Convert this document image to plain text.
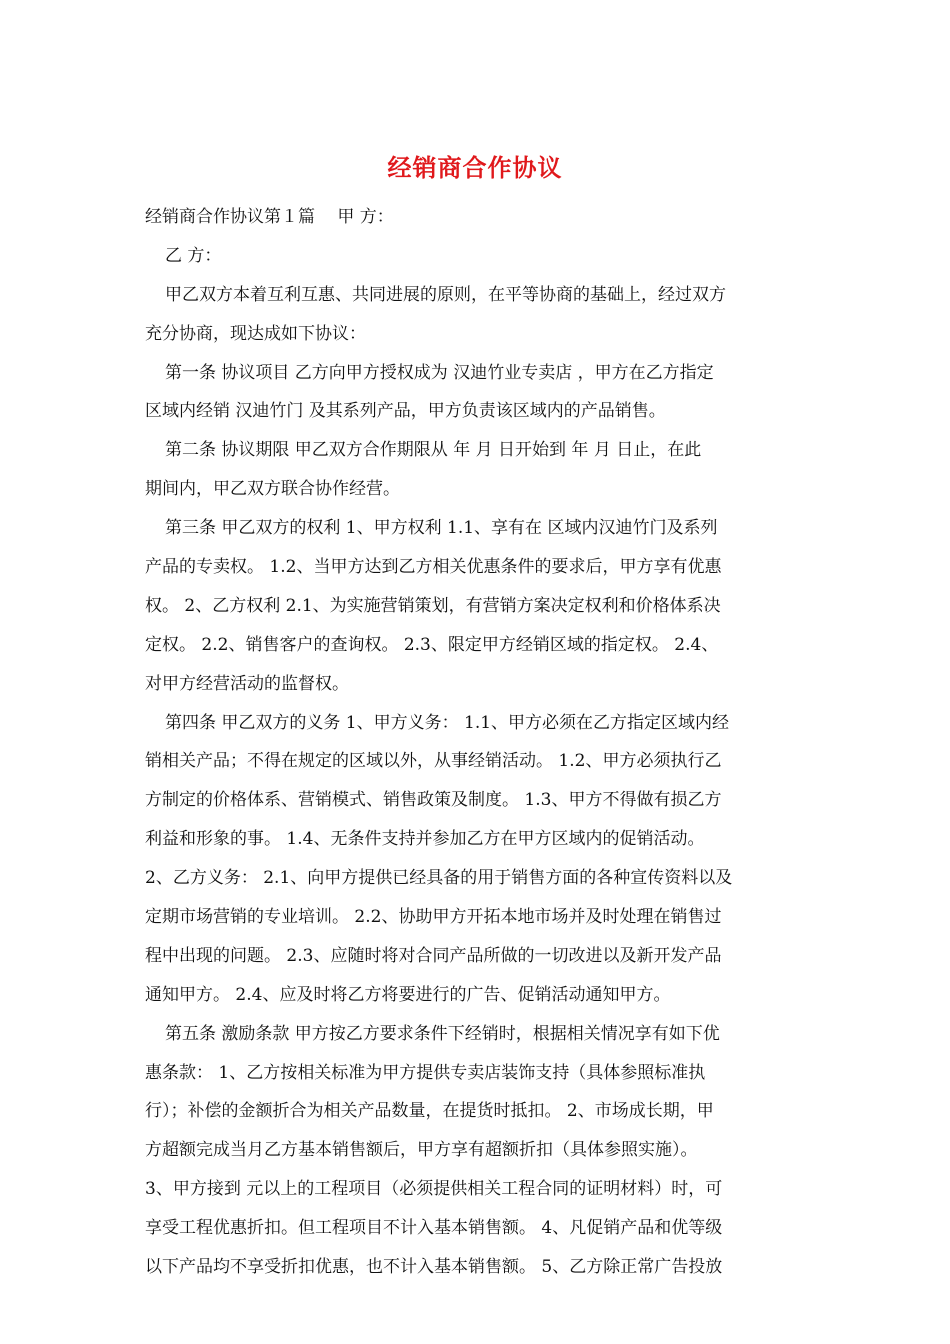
经销商合作协议
经销商合作协议第１篇　 甲 方：
乙 方：
甲乙双方本着互利互惠、共同进展的原则，在平等协商的基础上，经过双方
充分协商，现达成如下协议：
第一条 协议项目 乙方向甲方授权成为 汉迪竹业专卖店 ，甲方在乙方指定
区域内经销 汉迪竹门 及其系列产品，甲方负责该区域内的产品销售。
第二条 协议期限 甲乙双方合作期限从 年 月 日开始到 年 月 日止，在此
期间内，甲乙双方联合协作经营。
第三条 甲乙双方的权利 1、甲方权利 1.1、享有在 区域内汉迪竹门及系列
产品的专卖权。 1.2、当甲方达到乙方相关优惠条件的要求后，甲方享有优惠
权。 2、乙方权利 2.1、为实施营销策划，有营销方案决定权利和价格体系决
定权。 2.2、销售客户的查询权。 2.3、限定甲方经销区域的指定权。 2.4、
对甲方经营活动的监督权。
第四条 甲乙双方的义务 1、甲方义务： 1.1、甲方必须在乙方指定区域内经
销相关产品；不得在规定的区域以外，从事经销活动。 1.2、甲方必须执行乙
方制定的价格体系、营销模式、销售政策及制度。 1.3、甲方不得做有损乙方
利益和形象的事。 1.4、无条件支持并参加乙方在甲方区域内的促销活动。
2、乙方义务： 2.1、向甲方提供已经具备的用于销售方面的各种宣传资料以及
定期市场营销的专业培训。 2.2、协助甲方开拓本地市场并及时处理在销售过
程中出现的问题。 2.3、应随时将对合同产品所做的一切改进以及新开发产品
通知甲方。 2.4、应及时将乙方将要进行的广告、促销活动通知甲方。
第五条 激励条款 甲方按乙方要求条件下经销时，根据相关情况享有如下优
惠条款： 1、乙方按相关标准为甲方提供专卖店装饰支持（具体参照标准执
行）；补偿的金额折合为相关产品数量，在提货时抵扣。 2、市场成长期，甲
方超额完成当月乙方基本销售额后，甲方享有超额折扣（具体参照实施）。
3、甲方接到 元以上的工程项目（必须提供相关工程合同的证明材料）时，可
享受工程优惠折扣。但工程项目不计入基本销售额。 4、凡促销产品和优等级
以下产品均不享受折扣优惠，也不计入基本销售额。 5、乙方除正常广告投放
